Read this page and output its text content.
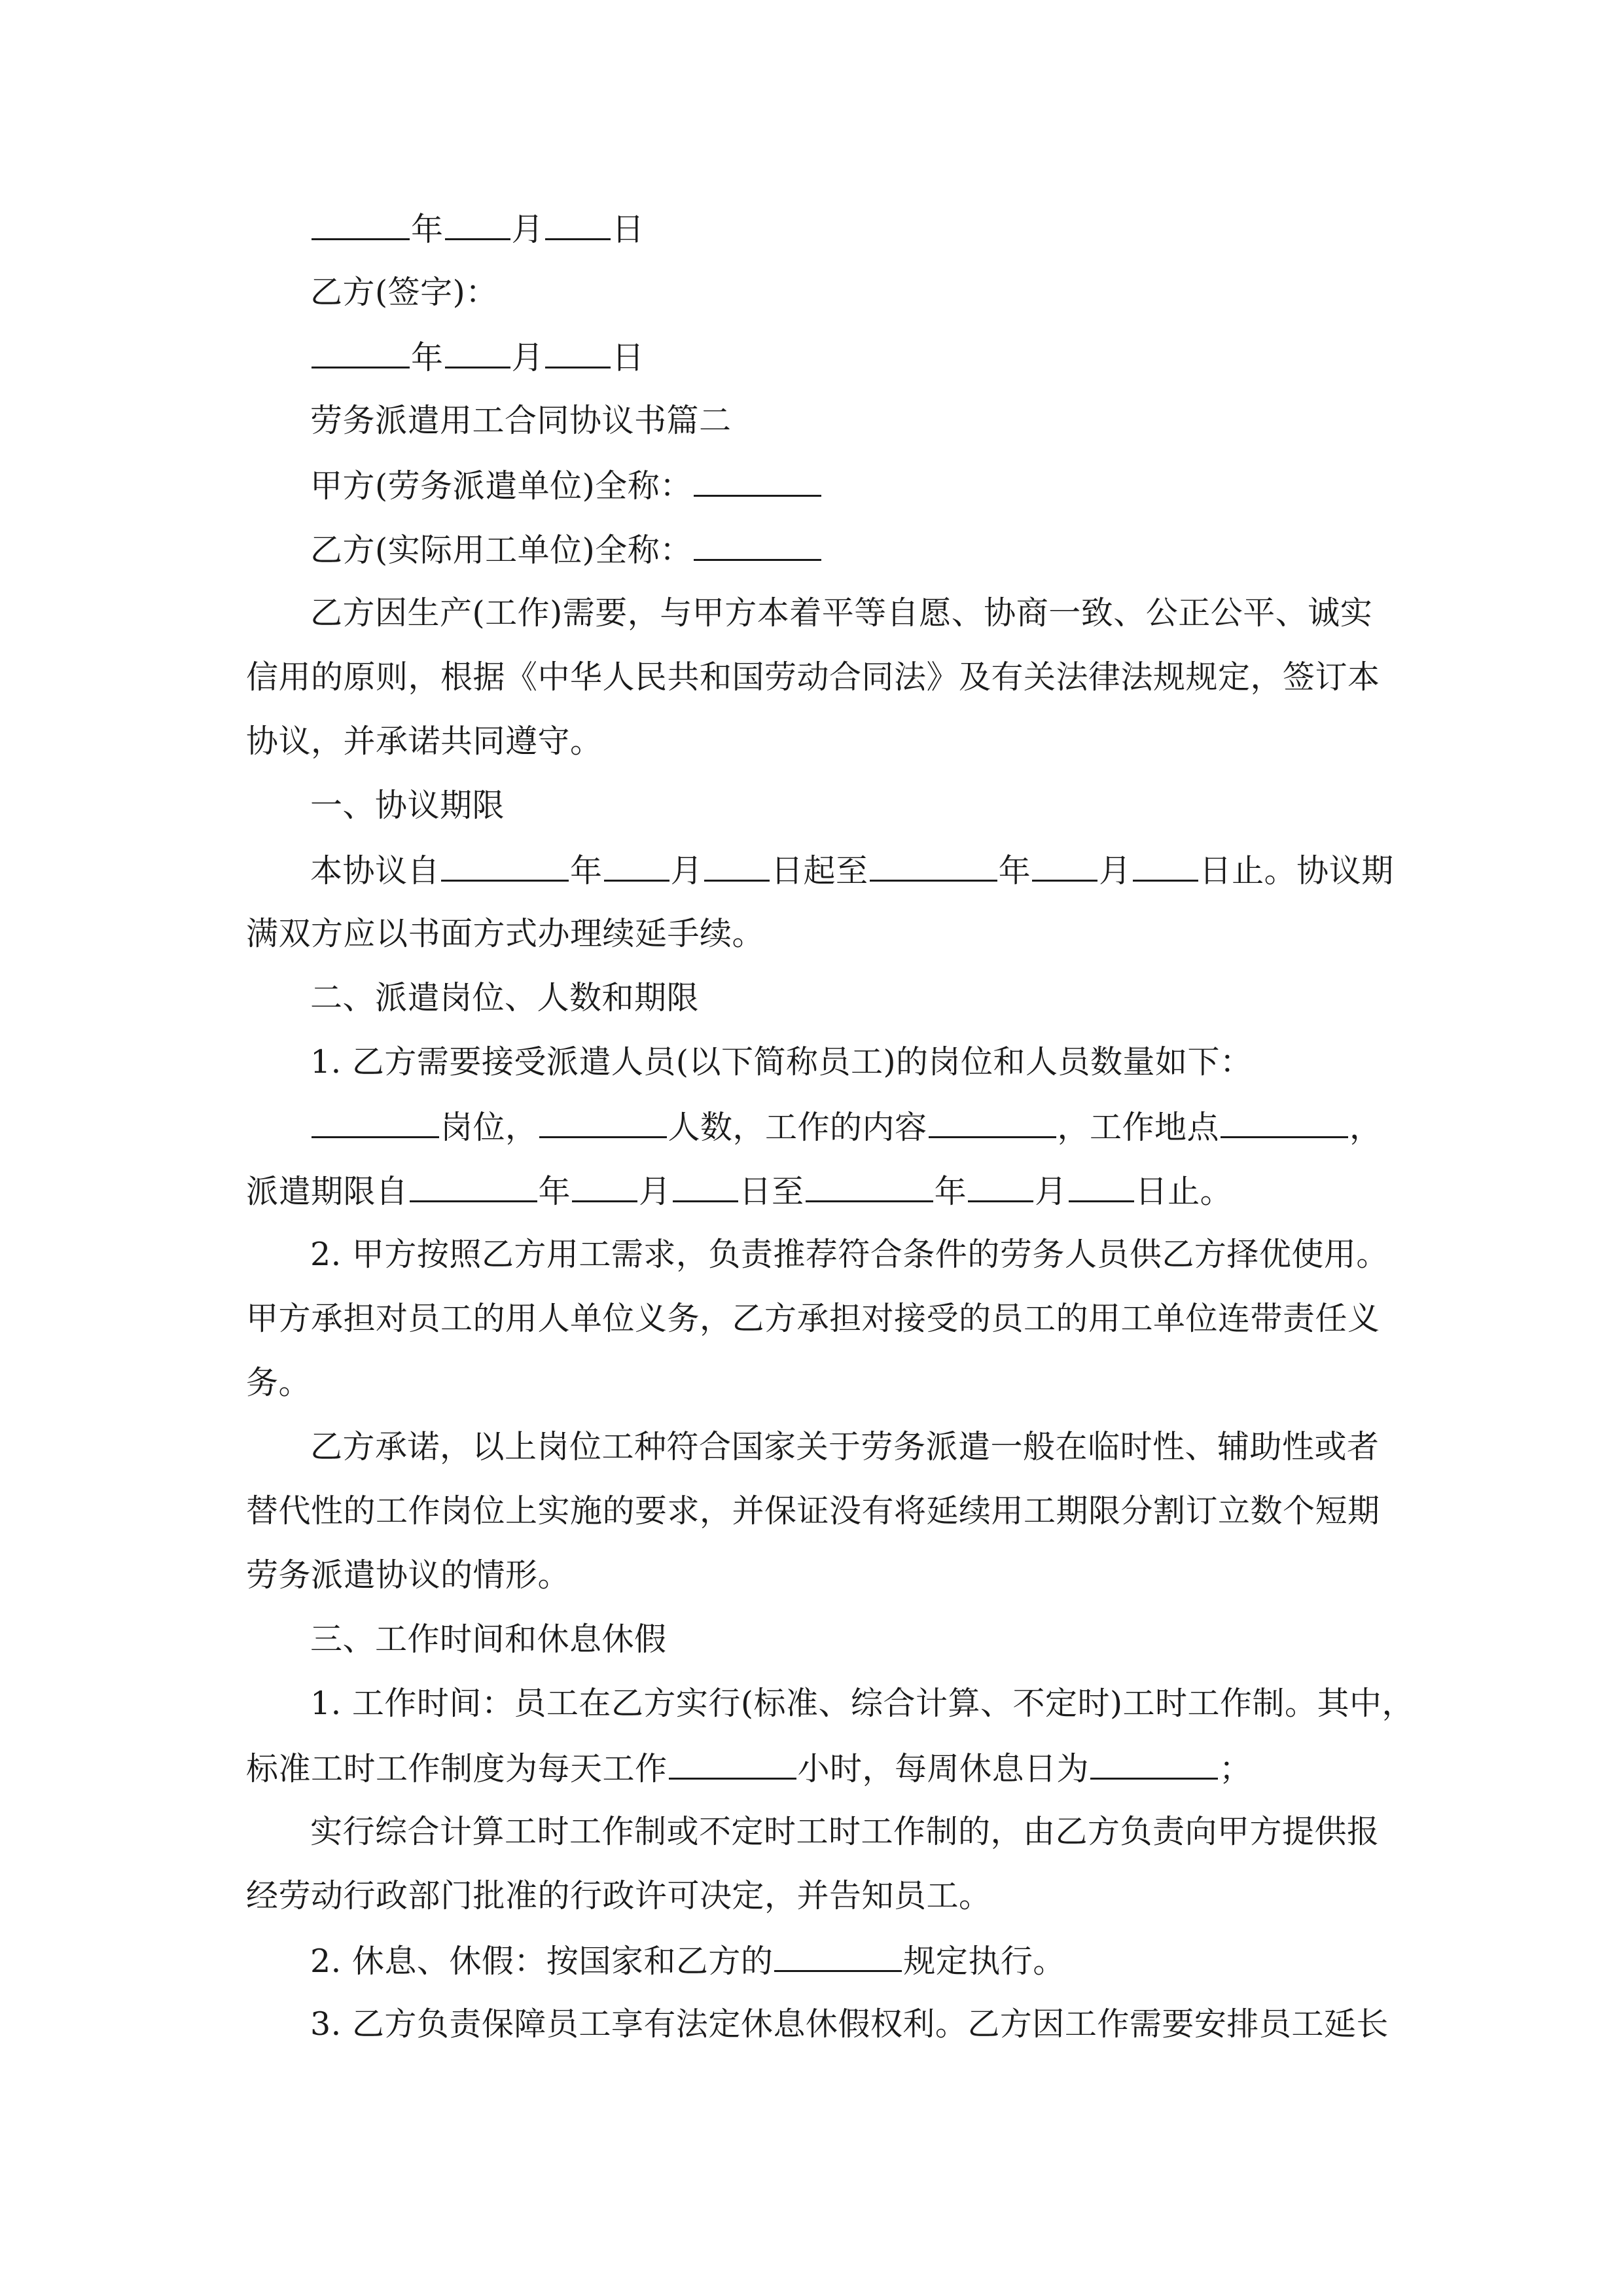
年 月 日
乙方(签字)：
年 月 日
劳务派遣用工合同协议书篇二
甲方(劳务派遣单位)全称：
乙方(实际用工单位)全称：
乙方因生产(工作)需要，与甲方本着平等自愿、协商一致、公正公平、诚实
信用的原则，根据《中华人民共和国劳动合同法》及有关法律法规规定，签订本
协议，并承诺共同遵守。
一、协议期限
本协议自	年 月 日起至	年 月 日止。协议期
满双方应以书面方式办理续延手续。
二、派遣岗位、人数和期限
1. 乙方需要接受派遣人员(以下简称员工)的岗位和人员数量如下：
岗位，	人数，工作的内容	，工作地点	，
派遣期限自	年 月 日至	年 月 日止。
2. 甲方按照乙方用工需求，负责推荐符合条件的劳务人员供乙方择优使用。
甲方承担对员工的用人单位义务，乙方承担对接受的员工的用工单位连带责任义
务。
乙方承诺，以上岗位工种符合国家关于劳务派遣一般在临时性、辅助性或者
替代性的工作岗位上实施的要求，并保证没有将延续用工期限分割订立数个短期
劳务派遣协议的情形。
三、工作时间和休息休假
1. 工作时间：员工在乙方实行(标准、综合计算、不定时)工时工作制。其中，
标准工时工作制度为每天工作	小时，每周休息日为	；
实行综合计算工时工作制或不定时工时工作制的，由乙方负责向甲方提供报
经劳动行政部门批准的行政许可决定，并告知员工。
2. 休息、休假：按国家和乙方的	规定执行。
3. 乙方负责保障员工享有法定休息休假权利。乙方因工作需要安排员工延长
